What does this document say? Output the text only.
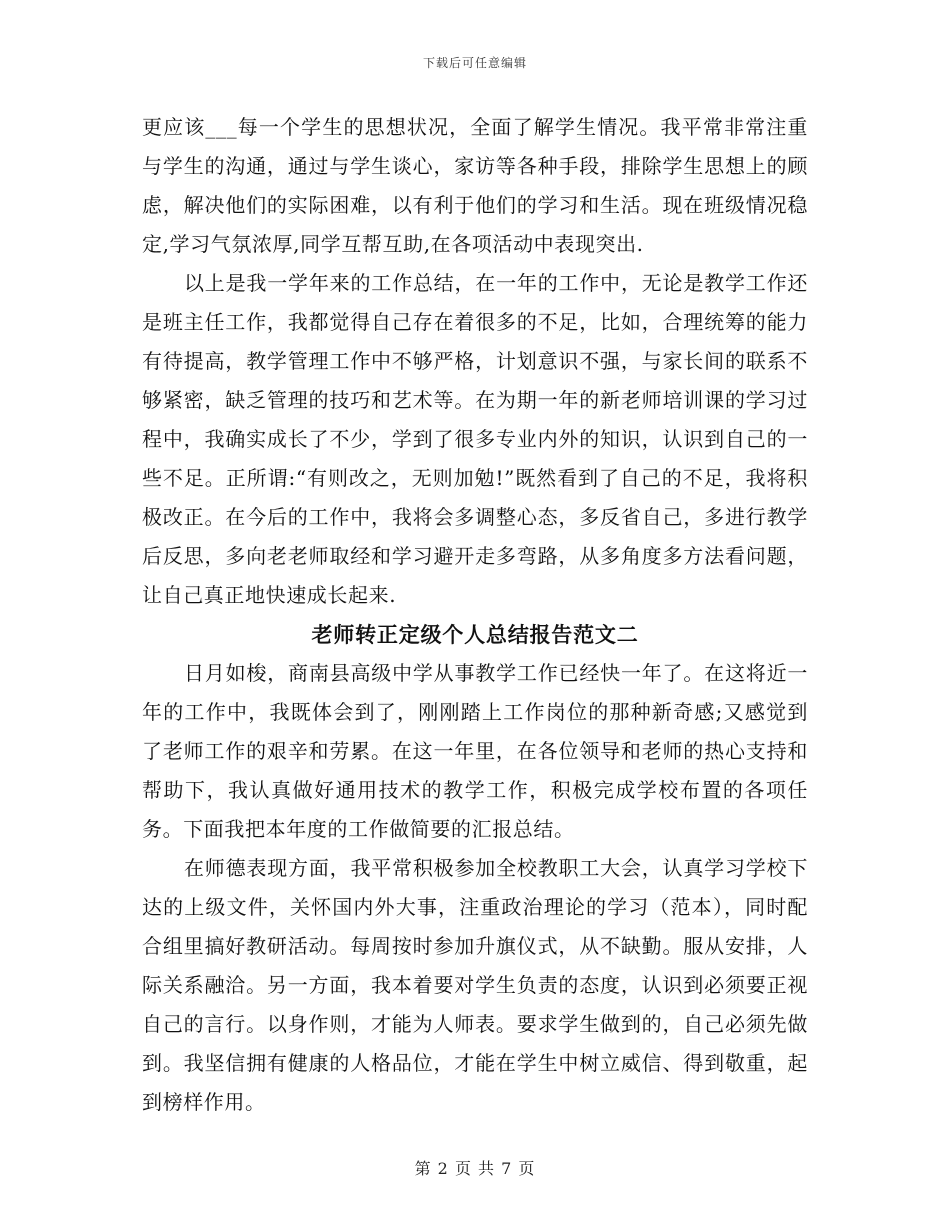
下载后可任意编辑

更应该___每一个学生的思想状况，全面了解学生情况。我平常非常注重与学生的沟通，通过与学生谈心，家访等各种手段，排除学生思想上的顾虑，解决他们的实际困难，以有利于他们的学习和生活。现在班级情况稳定,学习气氛浓厚,同学互帮互助,在各项活动中表现突出.

以上是我一学年来的工作总结，在一年的工作中，无论是教学工作还是班主任工作，我都觉得自己存在着很多的不足，比如，合理统筹的能力有待提高，教学管理工作中不够严格，计划意识不强，与家长间的联系不够紧密，缺乏管理的技巧和艺术等。在为期一年的新老师培训课的学习过程中，我确实成长了不少，学到了很多专业内外的知识，认识到自己的一些不足。正所谓:“有则改之，无则加勉!”既然看到了自己的不足，我将积极改正。在今后的工作中，我将会多调整心态，多反省自己，多进行教学后反思，多向老老师取经和学习避开走多弯路，从多角度多方法看问题，让自己真正地快速成长起来.

老师转正定级个人总结报告范文二

日月如梭，商南县高级中学从事教学工作已经快一年了。在这将近一年的工作中，我既体会到了，刚刚踏上工作岗位的那种新奇感;又感觉到了老师工作的艰辛和劳累。在这一年里，在各位领导和老师的热心支持和帮助下，我认真做好通用技术的教学工作，积极完成学校布置的各项任务。下面我把本年度的工作做简要的汇报总结。

在师德表现方面，我平常积极参加全校教职工大会，认真学习学校下达的上级文件，关怀国内外大事，注重政治理论的学习（范本），同时配合组里搞好教研活动。每周按时参加升旗仪式，从不缺勤。服从安排，人际关系融洽。另一方面，我本着要对学生负责的态度，认识到必须要正视自己的言行。以身作则，才能为人师表。要求学生做到的，自己必须先做到。我坚信拥有健康的人格品位，才能在学生中树立威信、得到敬重，起到榜样作用。

第 2 页 共 7 页
